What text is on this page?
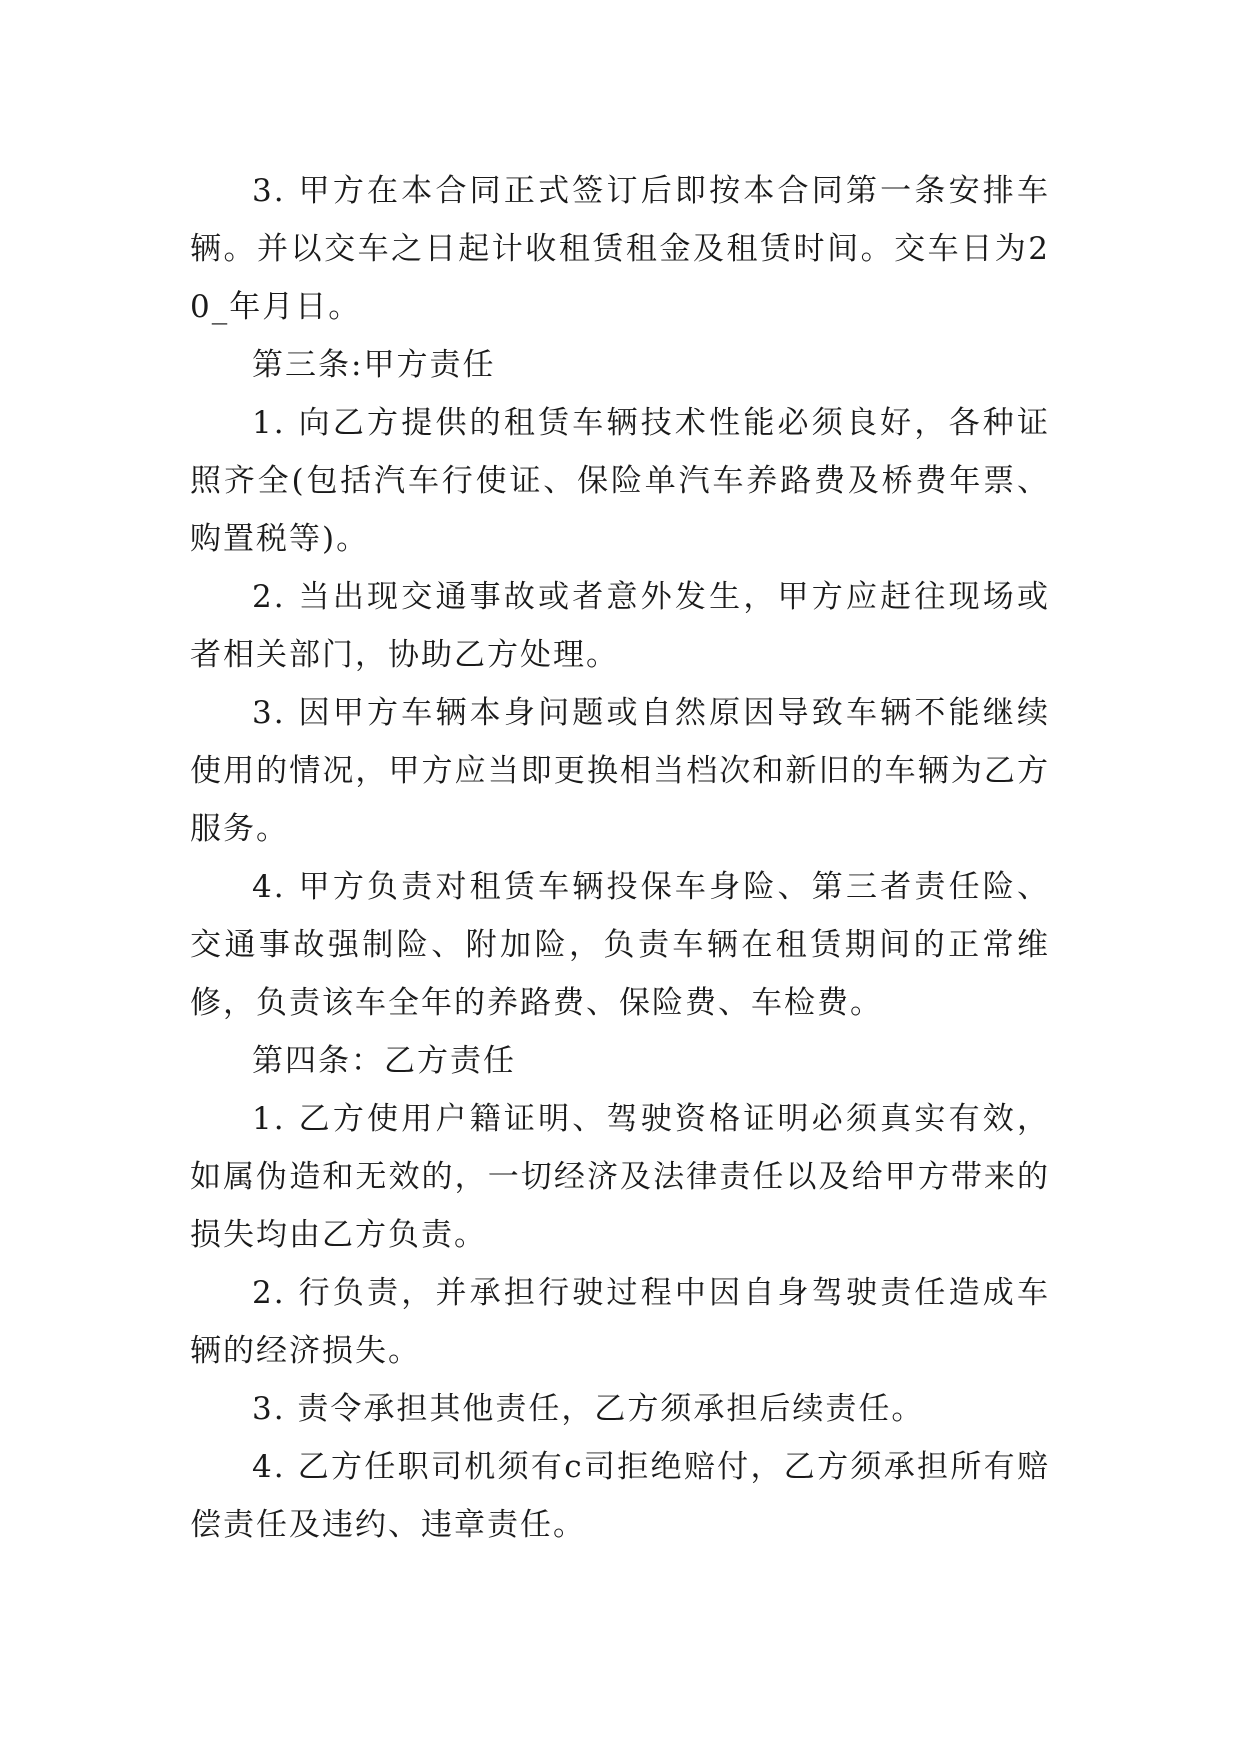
3. 甲方在本合同正式签订后即按本合同第一条安排车辆。并以交车之日起计收租赁租金及租赁时间。交车日为20_年月日。

第三条:甲方责任

1. 向乙方提供的租赁车辆技术性能必须良好，各种证照齐全(包括汽车行使证、保险单汽车养路费及桥费年票、购置税等)。

2. 当出现交通事故或者意外发生，甲方应赶往现场或者相关部门，协助乙方处理。

3. 因甲方车辆本身问题或自然原因导致车辆不能继续使用的情况，甲方应当即更换相当档次和新旧的车辆为乙方服务。

4. 甲方负责对租赁车辆投保车身险、第三者责任险、交通事故强制险、附加险，负责车辆在租赁期间的正常维修，负责该车全年的养路费、保险费、车检费。

第四条：乙方责任

1. 乙方使用户籍证明、驾驶资格证明必须真实有效，如属伪造和无效的，一切经济及法律责任以及给甲方带来的损失均由乙方负责。

2. 行负责，并承担行驶过程中因自身驾驶责任造成车辆的经济损失。

3. 责令承担其他责任，乙方须承担后续责任。

4. 乙方任职司机须有c司拒绝赔付，乙方须承担所有赔偿责任及违约、违章责任。
